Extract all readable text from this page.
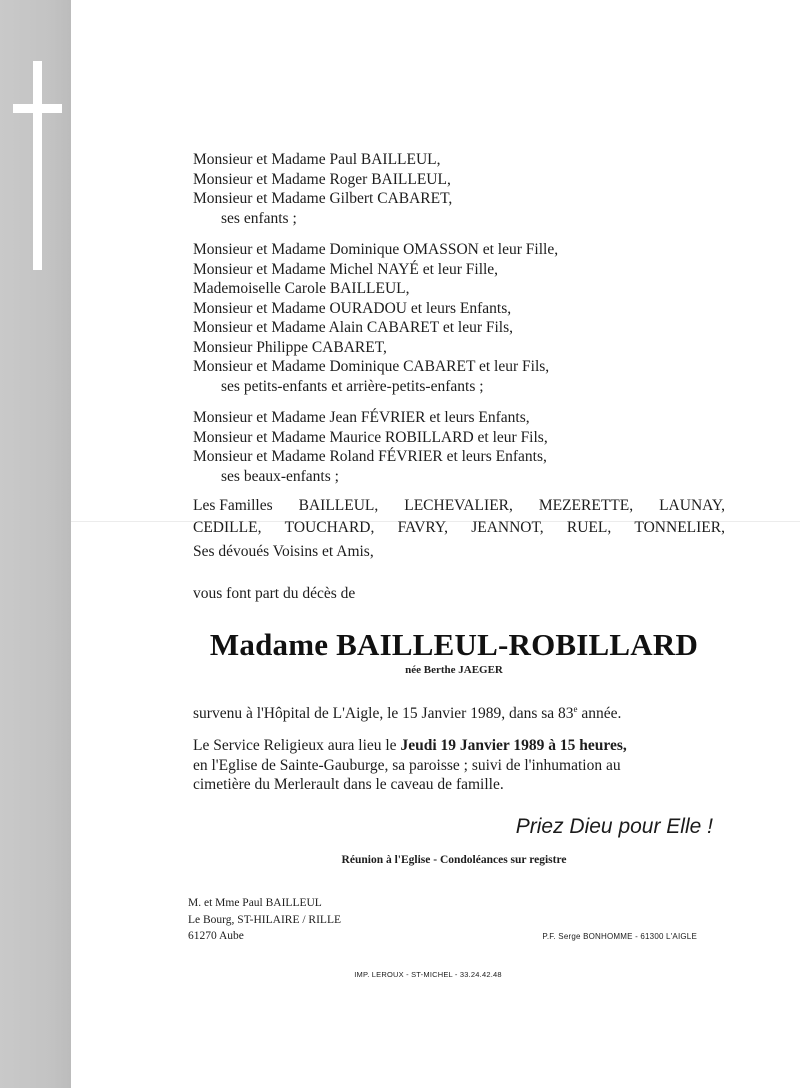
Monsieur et Madame Paul BAILLEUL,
Monsieur et Madame Roger BAILLEUL,
Monsieur et Madame Gilbert CABARET,
ses enfants ;
Monsieur et Madame Dominique OMASSON et leur Fille,
Monsieur et Madame Michel NAYÉ et leur Fille,
Mademoiselle Carole BAILLEUL,
Monsieur et Madame OURADOU et leurs Enfants,
Monsieur et Madame Alain CABARET et leur Fils,
Monsieur Philippe CABARET,
Monsieur et Madame Dominique CABARET et leur Fils,
ses petits-enfants et arrière-petits-enfants ;
Monsieur et Madame Jean FÉVRIER et leurs Enfants,
Monsieur et Madame Maurice ROBILLARD et leur Fils,
Monsieur et Madame Roland FÉVRIER et leurs Enfants,
ses beaux-enfants ;
Les Familles BAILLEUL, LECHEVALIER, MEZERETTE, LAUNAY,
CEDILLE, TOUCHARD, FAVRY, JEANNOT, RUEL, TONNELIER,
Ses dévoués Voisins et Amis,
vous font part du décès de
Madame BAILLEUL-ROBILLARD
née Berthe JAEGER
survenu à l'Hôpital de L'Aigle, le 15 Janvier 1989, dans sa 83e année.
Le Service Religieux aura lieu le Jeudi 19 Janvier 1989 à 15 heures,
en l'Eglise de Sainte-Gauburge, sa paroisse ; suivi de l'inhumation au
cimetière du Merlerault dans le caveau de famille.
Priez Dieu pour Elle !
Réunion à l'Eglise - Condoléances sur registre
M. et Mme Paul BAILLEUL
Le Bourg, ST-HILAIRE / RILLE
61270 Aube	P.F. Serge BONHOMME - 61300 L'AIGLE
IMP. LEROUX - ST-MICHEL - 33.24.42.48
